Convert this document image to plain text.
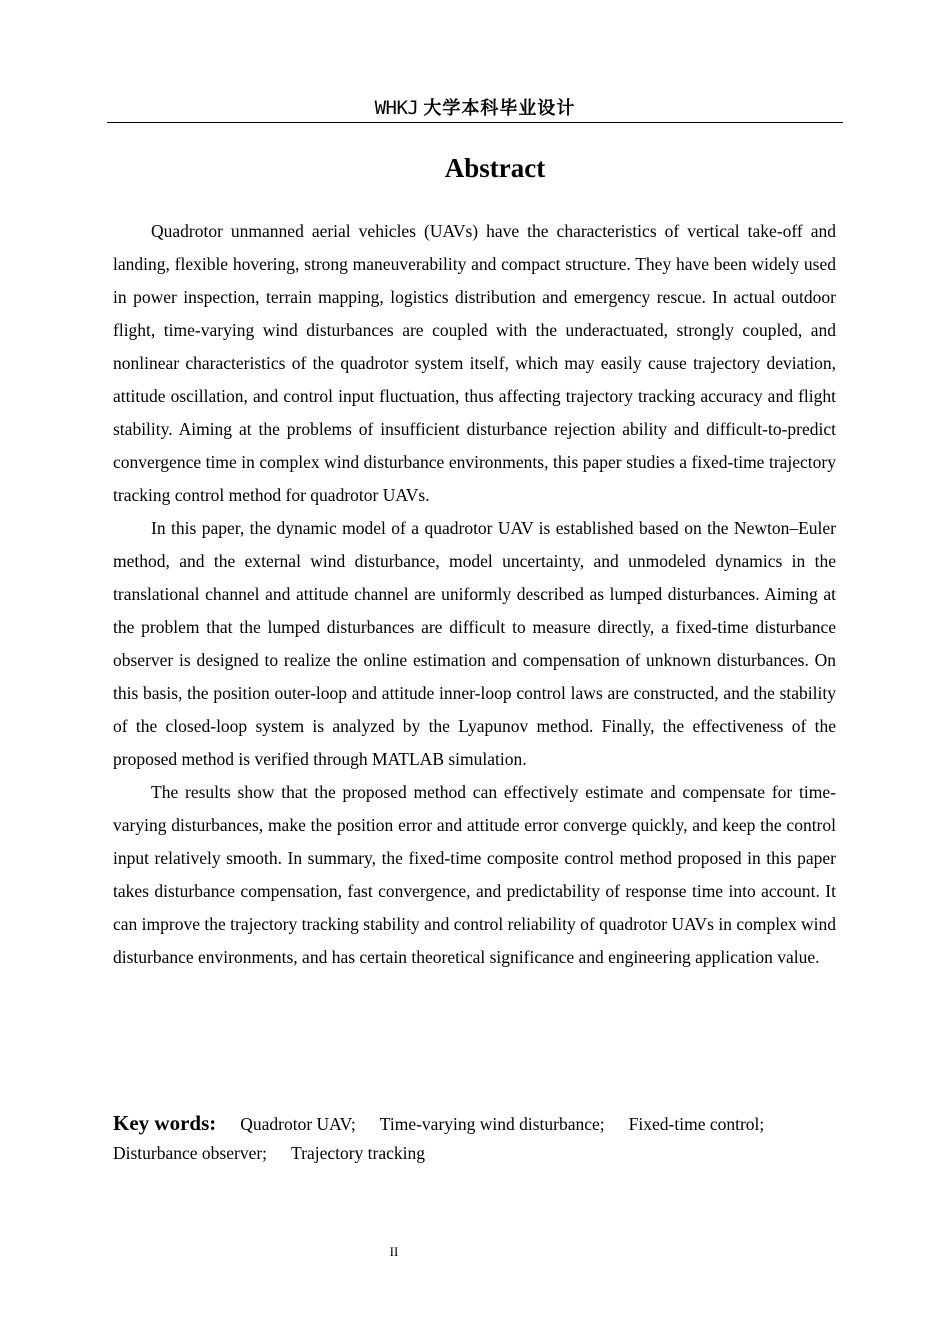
WHKJ 大学本科毕业设计
Abstract

Quadrotor unmanned aerial vehicles (UAVs) have the characteristics of vertical take-off and landing, flexible hovering, strong maneuverability and compact structure. They have been widely used in power inspection, terrain mapping, logistics distribution and emergency rescue. In actual outdoor flight, time-varying wind disturbances are coupled with the underactuated, strongly coupled, and nonlinear characteristics of the quadrotor system itself, which may easily cause trajectory deviation, attitude oscillation, and control input fluctuation, thus affecting trajectory tracking accuracy and flight stability. Aiming at the problems of insufficient disturbance rejection ability and difficult-to-predict convergence time in complex wind disturbance environments, this paper studies a fixed-time trajectory tracking control method for quadrotor UAVs.

In this paper, the dynamic model of a quadrotor UAV is established based on the Newton–Euler method, and the external wind disturbance, model uncertainty, and unmodeled dynamics in the translational channel and attitude channel are uniformly described as lumped disturbances. Aiming at the problem that the lumped disturbances are difficult to measure directly, a fixed-time disturbance observer is designed to realize the online estimation and compensation of unknown disturbances. On this basis, the position outer-loop and attitude inner-loop control laws are constructed, and the stability of the closed-loop system is analyzed by the Lyapunov method. Finally, the effectiveness of the proposed method is verified through MATLAB simulation.

The results show that the proposed method can effectively estimate and compensate for time-varying disturbances, make the position error and attitude error converge quickly, and keep the control input relatively smooth. In summary, the fixed-time composite control method proposed in this paper takes disturbance compensation, fast convergence, and predictability of response time into account. It can improve the trajectory tracking stability and control reliability of quadrotor UAVs in complex wind disturbance environments, and has certain theoretical significance and engineering application value.

Key words: Quadrotor UAV; Time-varying wind disturbance; Fixed-time control;
Disturbance observer; Trajectory tracking
II
